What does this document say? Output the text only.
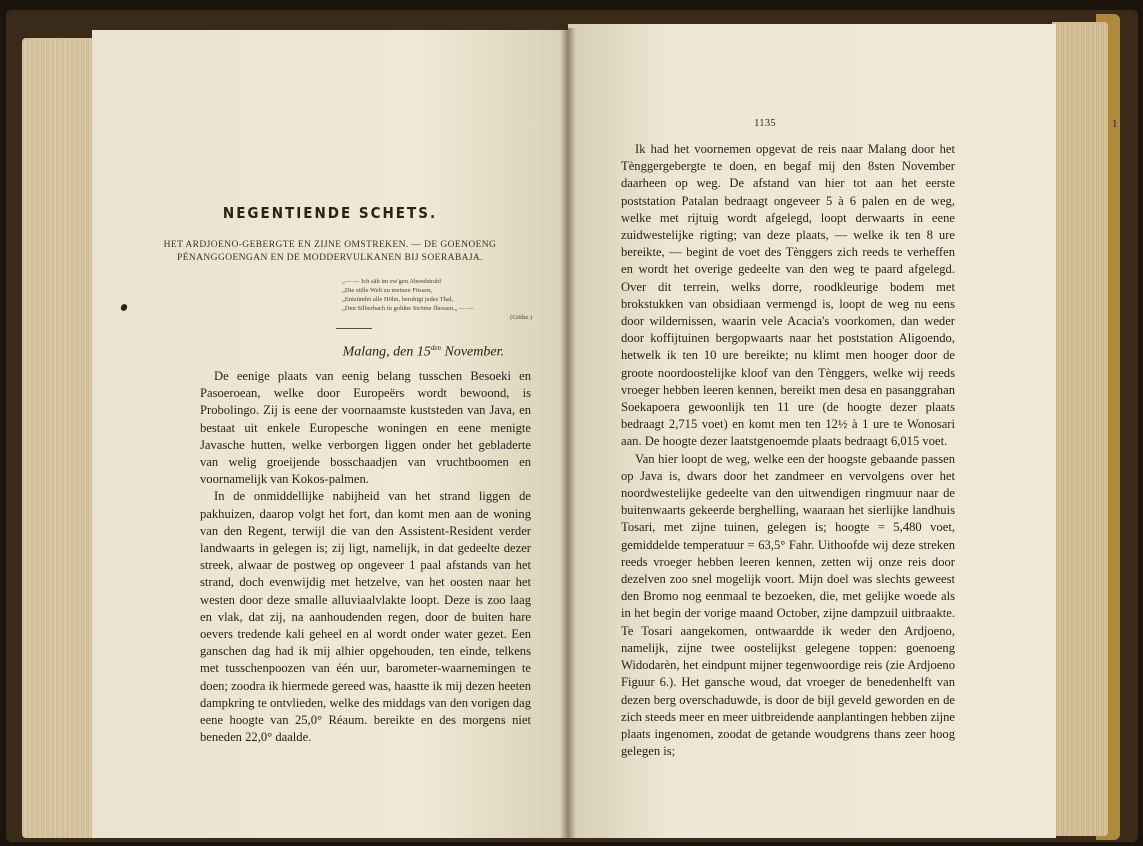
NEGENTIENDE SCHETS.
HET ARDJOENO-GEBERGTE EN ZIJNE OMSTREKEN. — DE GOENOENG
PÉNANGGOENGAN EN DE MODDERVULKANEN BIJ SOERABAJA.
„— — Ich säh im ew'gen Abendstrahl
„Die stille Welt zu meinen Füssen,
„Entzündet alle Höhn, beruhigt jedes Thal,
„Den Silberbach in goldne Ströme fliessen.„ — —
(Göthe.)
Malang, den $15^{den}$ November.

De eenige plaats van eenig belang tusschen Besoeki en Pasoeroean, welke door Europeërs wordt bewoond, is Probolingo. Zij is eene der voornaamste kuststeden van Java, en bestaat uit enkele Europesche woningen en eene menigte Javasche hutten, welke verborgen liggen onder het gebladerte van welig groeijende bosschaadjen van vruchtboomen en voornamelijk van Kokos-palmen.

In de onmiddellijke nabijheid van het strand liggen de pakhuizen, daarop volgt het fort, dan komt men aan de woning van den Regent, terwijl die van den Assistent-Resident verder landwaarts in gelegen is; zij ligt, namelijk, in dat gedeelte dezer streek, alwaar de postweg op ongeveer 1 paal afstands van het strand, doch evenwijdig met hetzelve, van het oosten naar het westen door deze smalle alluviaalvlakte loopt. Deze is zoo laag en vlak, dat zij, na aanhoudenden regen, door de buiten hare oevers tredende kali geheel en al wordt onder water gezet. Een ganschen dag had ik mij alhier opgehouden, ten einde, telkens met tusschenpoozen van één uur, barometer-waarnemingen te doen; zoodra ik hiermede gereed was, haastte ik mij dezen heeten dampkring te ontvlieden, welke des middags van den vorigen dag eene hoogte van 25,0° Réaum. bereikte en des morgens niet beneden 22,0° daalde.

1135

Ik had het voornemen opgevat de reis naar Malang door het Tènggergebergte te doen, en begaf mij den 8sten November daarheen op weg. De afstand van hier tot aan het eerste poststation Patalan bedraagt ongeveer 5 à 6 palen en de weg, welke met rijtuig wordt afgelegd, loopt derwaarts in eene zuidwestelijke rigting; van deze plaats, — welke ik ten 8 ure bereikte, — begint de voet des Tènggers zich reeds te verheffen en wordt het overige gedeelte van den weg te paard afgelegd. Over dit terrein, welks dorre, roodkleurige bodem met brokstukken van obsidiaan vermengd is, loopt de weg nu eens door wildernissen, waarin vele Acacia's voorkomen, dan weder door koffijtuinen bergopwaarts naar het poststation Aligoendo, hetwelk ik ten 10 ure bereikte; nu klimt men hooger door de groote noordoostelijke kloof van den Tènggers, welke wij reeds vroeger hebben leeren kennen, bereikt men desa en pasanggrahan Soekapoera gewoonlijk ten 11 ure (de hoogte dezer plaats bedraagt 2,715 voet) en komt men ten 12½ à 1 ure te Wonosari aan. De hoogte dezer laatstgenoemde plaats bedraagt 6,015 voet.

Van hier loopt de weg, welke een der hoogste gebaande passen op Java is, dwars door het zandmeer en vervolgens over het noordwestelijke gedeelte van den uitwendigen ringmuur naar de buitenwaarts gekeerde berghelling, waaraan het sierlijke landhuis Tosari, met zijne tuinen, gelegen is; hoogte = 5,480 voet, gemiddelde temperatuur = 63,5° Fahr. Uithoofde wij deze streken reeds vroeger hebben leeren kennen, zetten wij onze reis door dezelven zoo snel mogelijk voort. Mijn doel was slechts geweest den Bromo nog eenmaal te bezoeken, die, met gelijke woede als in het begin der vorige maand October, zijne dampzuil uitbraakte. Te Tosari aangekomen, ontwaardde ik weder den Ardjoeno, namelijk, zijne twee oostelijkst gelegene toppen: goenoeng Widodarèn, het eindpunt mijner tegenwoordige reis (zie Ardjoeno Figuur 6.). Het gansche woud, dat vroeger de benedenhelft van dezen berg overschaduwde, is door de bijl geveld geworden en de zich steeds meer en meer uitbreidende aanplantingen hebben zijne plaats ingenomen, zoodat de getande woudgrens thans zeer hoog gelegen is;

1
